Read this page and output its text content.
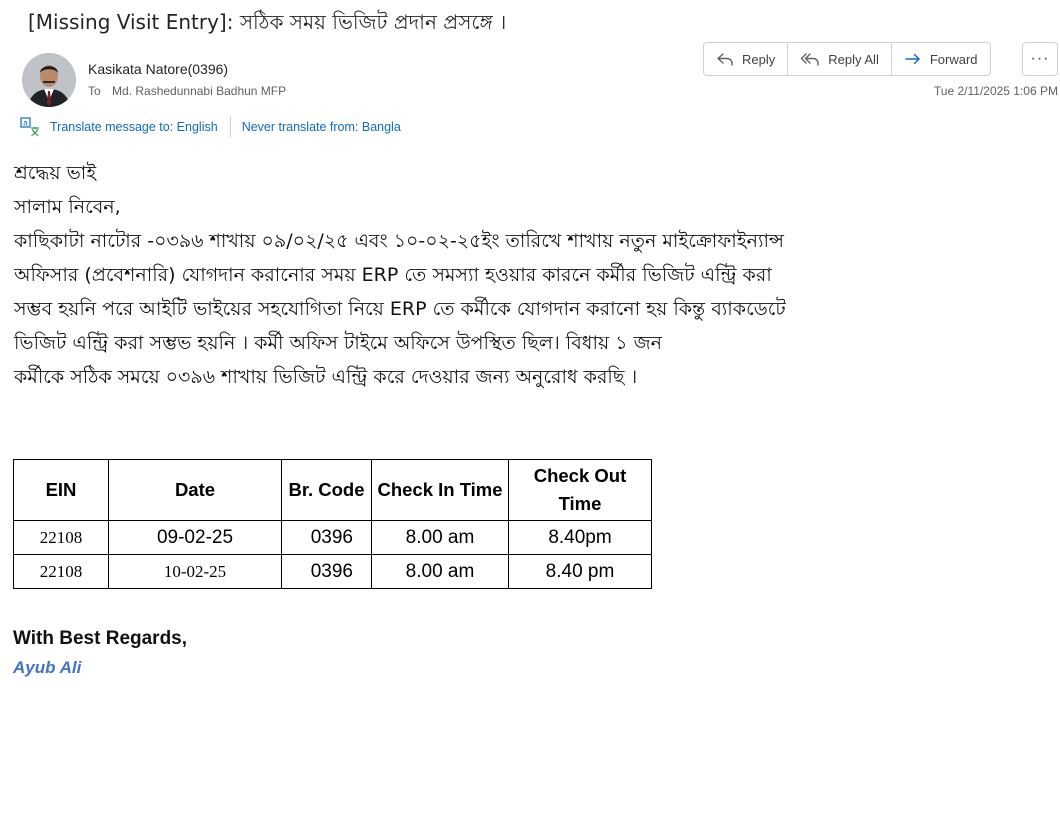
[Missing Visit Entry]: সঠিক সময় ভিজিট প্রদান প্রসঙ্গে ।
Kasikata Natore(0396)
To Md. Rashedunnabi Badhun MFP
Reply	Reply All	Forward	···
Tue 2/11/2025 1:06 PM
a Translate message to: English Never translate from: Bangla

শ্রদ্ধেয় ভাই

সালাম নিবেন,

কাছিকাটা নাটোর -০৩৯৬ শাখায় ০৯/০২/২৫ এবং ১০-০২-২৫ইং তারিখে শাখায় নতুন মাইক্রোফাইন্যান্স

অফিসার (প্রবেশনারি) যোগদান করানোর সময় ERP তে সমস্যা হওয়ার কারনে কর্মীর ভিজিট এন্ট্রি করা

সম্ভব হয়নি পরে আইটি ভাইয়ের সহযোগিতা নিয়ে ERP তে কর্মীকে যোগদান করানো হয় কিন্তু ব্যাকডেটে

ভিজিট এন্ট্রি করা সম্ভভ হয়নি । কর্মী অফিস টাইমে অফিসে উপস্থিত ছিল। বিধায় ১ জন

কর্মীকে সঠিক সময়ে ০৩৯৬ শাখায় ভিজিট এন্ট্রি করে দেওয়ার জন্য অনুরোধ করছি ।

EIN	Date	Br. Code	Check In Time	Check Out Time
22108	09-02-25	0396	8.00 am	8.40pm
22108	10-02-25	0396	8.00 am	8.40 pm
With Best Regards,
Ayub Ali
